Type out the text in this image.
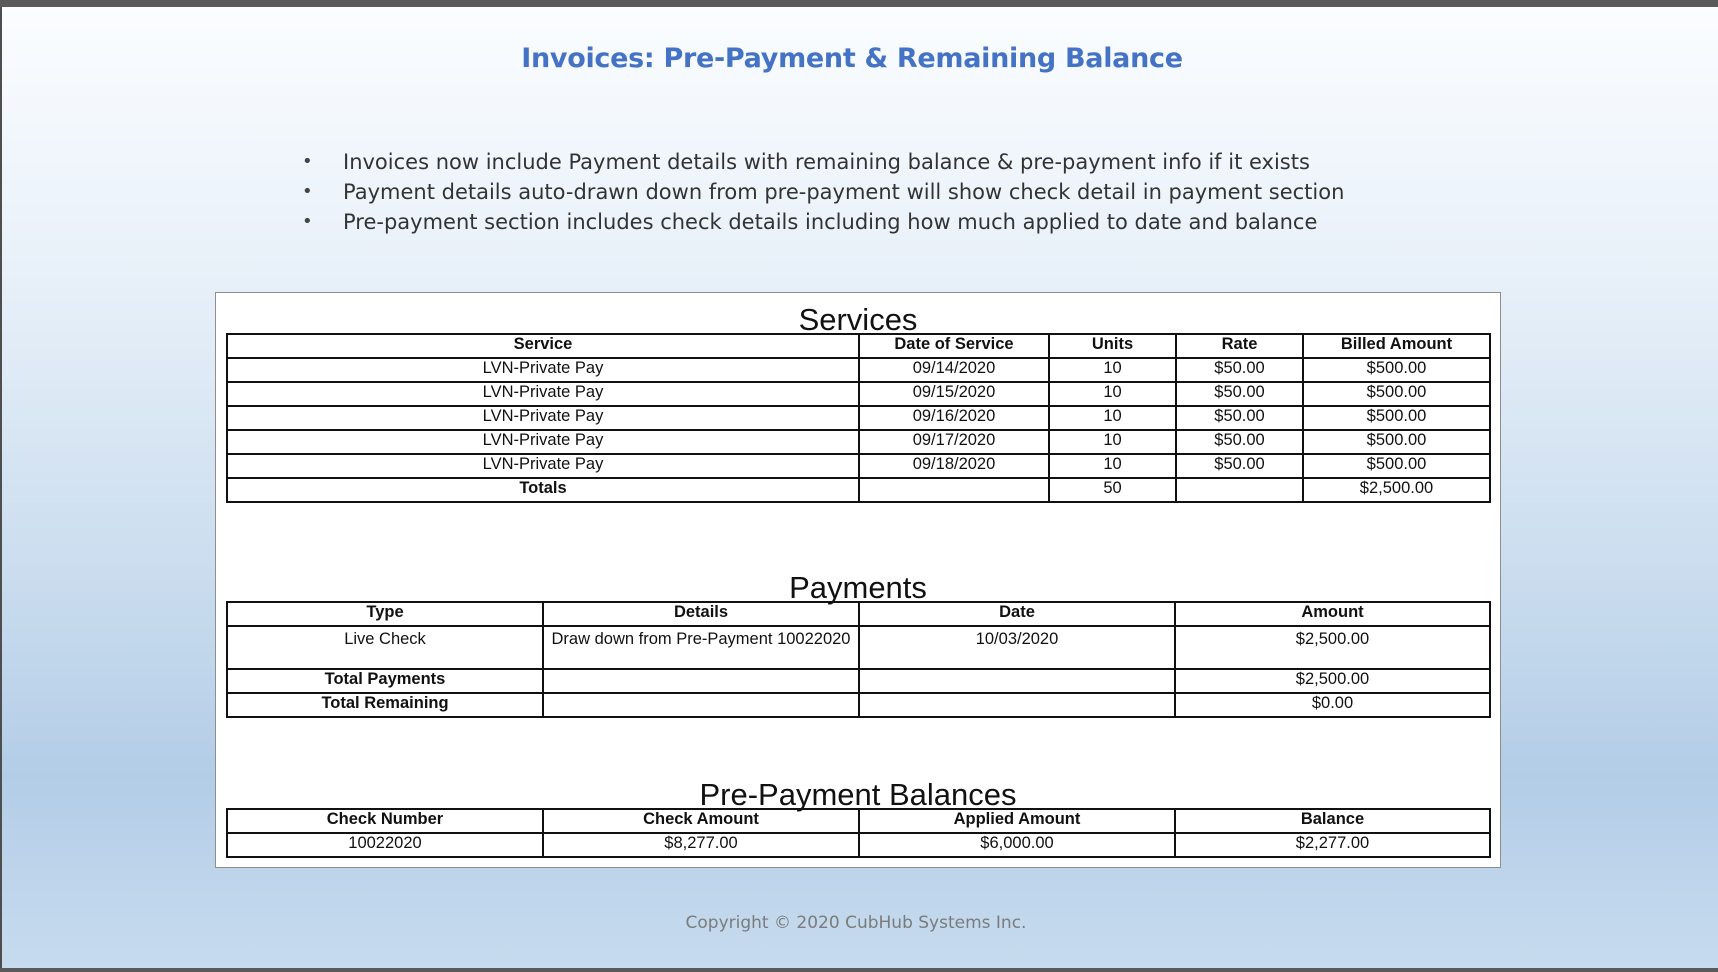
Invoices: Pre-Payment & Remaining Balance
• Invoices now include Payment details with remaining balance & pre-payment info if it exists
• Payment details auto-drawn down from pre-payment will show check detail in payment section
• Pre-payment section includes check details including how much applied to date and balance
Services
Service	Date of Service	Units	Rate	Billed Amount
LVN-Private Pay	09/14/2020	10	$50.00	$500.00
LVN-Private Pay	09/15/2020	10	$50.00	$500.00
LVN-Private Pay	09/16/2020	10	$50.00	$500.00
LVN-Private Pay	09/17/2020	10	$50.00	$500.00
LVN-Private Pay	09/18/2020	10	$50.00	$500.00
Totals		50		$2,500.00
Payments
Type	Details	Date	Amount
Live Check	Draw down from Pre-Payment 10022020	10/03/2020	$2,500.00
Total Payments			$2,500.00
Total Remaining			$0.00
Pre-Payment Balances
Check Number	Check Amount	Applied Amount	Balance
10022020	$8,277.00	$6,000.00	$2,277.00
Copyright © 2020 CubHub Systems Inc.
